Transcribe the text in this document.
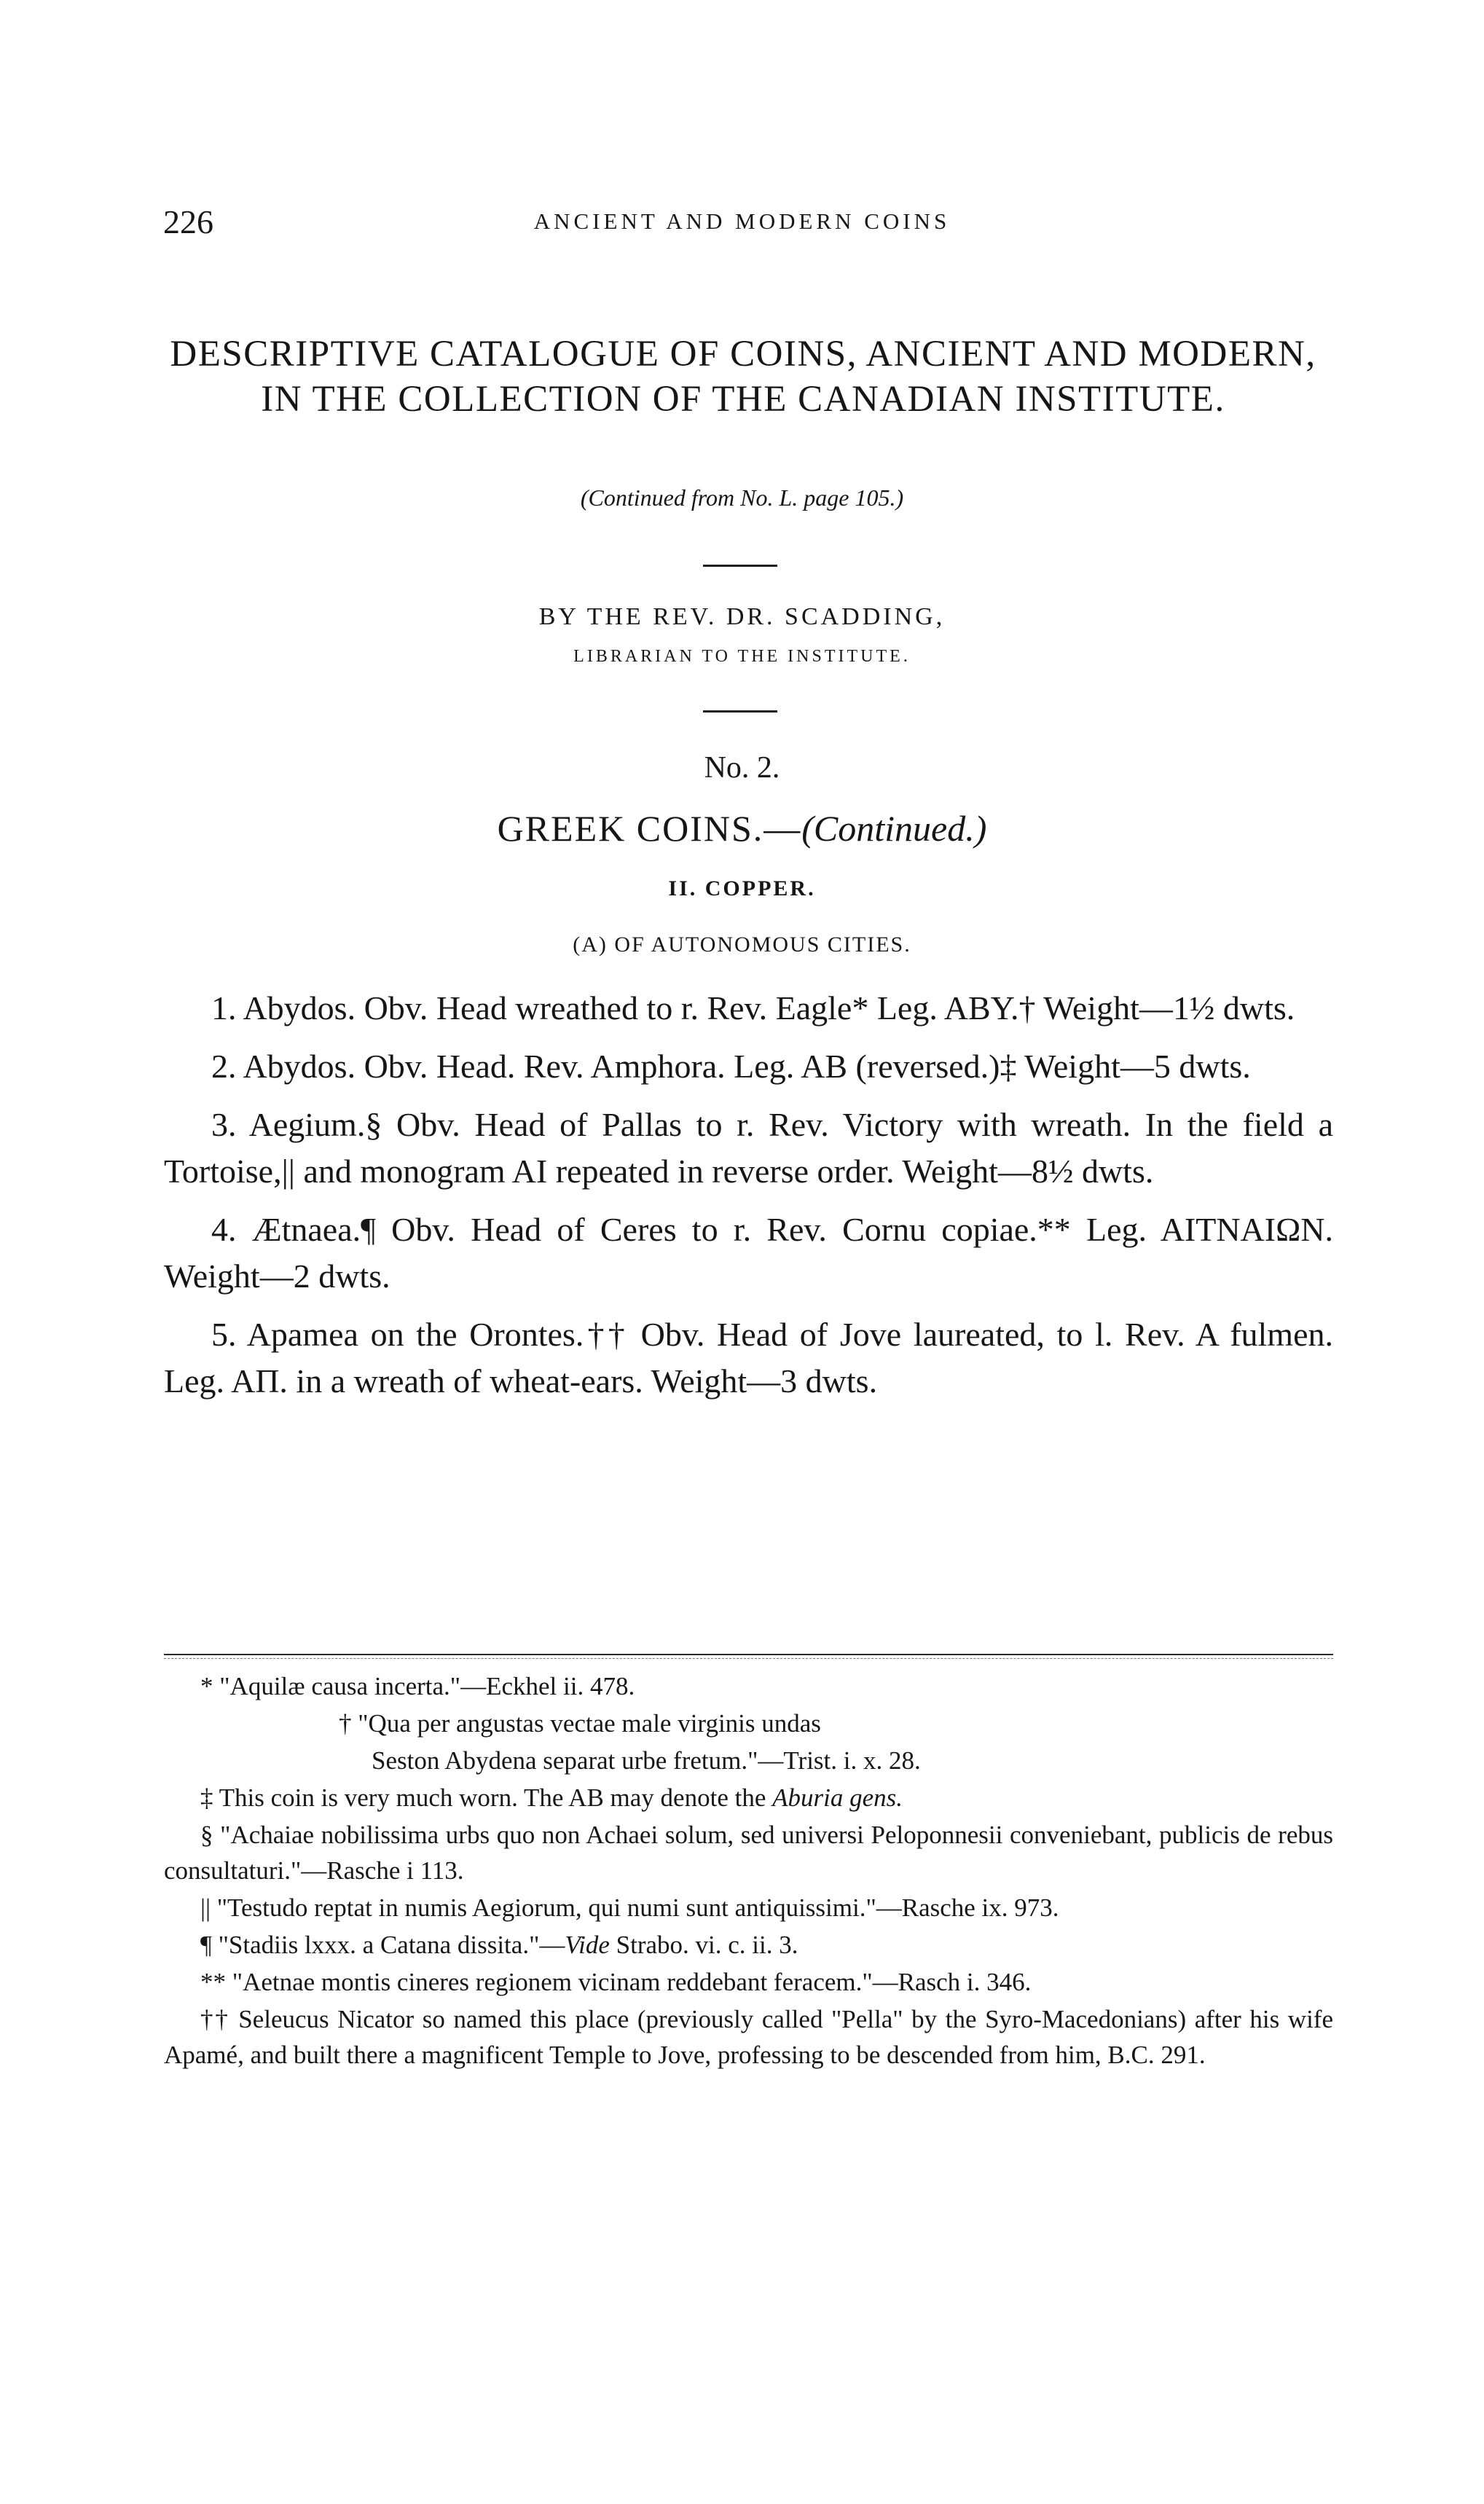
226	ANCIENT AND MODERN COINS
DESCRIPTIVE CATALOGUE OF COINS, ANCIENT AND MODERN, IN THE COLLECTION OF THE CANADIAN INSTITUTE.
(Continued from No. L. page 105.)
BY THE REV. DR. SCADDING,
LIBRARIAN TO THE INSTITUTE.
No. 2.
GREEK COINS.—(Continued.)
II. COPPER.
(A) OF AUTONOMOUS CITIES.

1. Abydos. Obv. Head wreathed to r. Rev. Eagle* Leg. ABY.† Weight—1½ dwts.

2. Abydos. Obv. Head. Rev. Amphora. Leg. AB (reversed.)‡ Weight—5 dwts.

3. Aegium.§ Obv. Head of Pallas to r. Rev. Victory with wreath. In the field a Tortoise,|| and monogram AI repeated in reverse order. Weight—8½ dwts.

4. Ætnaea.¶ Obv. Head of Ceres to r. Rev. Cornu copiae.** Leg. AITNAIΩN. Weight—2 dwts.

5. Apamea on the Orontes.†† Obv. Head of Jove laureated, to l. Rev. A fulmen. Leg. AΠ. in a wreath of wheat-ears. Weight—3 dwts.

* "Aquilæ causa incerta."—Eckhel ii. 478.

† "Qua per angustas vectae male virginis undas

Seston Abydena separat urbe fretum."—Trist. i. x. 28.

‡ This coin is very much worn. The AB may denote the Aburia gens.

§ "Achaiae nobilissima urbs quo non Achaei solum, sed universi Peloponnesii conveniebant, publicis de rebus consultaturi."—Rasche i 113.

|| "Testudo reptat in numis Aegiorum, qui numi sunt antiquissimi."—Rasche ix. 973.

¶ "Stadiis lxxx. a Catana dissita."—Vide Strabo. vi. c. ii. 3.

** "Aetnae montis cineres regionem vicinam reddebant feracem."—Rasch i. 346.

†† Seleucus Nicator so named this place (previously called "Pella" by the Syro-Macedonians) after his wife Apamé, and built there a magnificent Temple to Jove, professing to be descended from him, B.C. 291.
